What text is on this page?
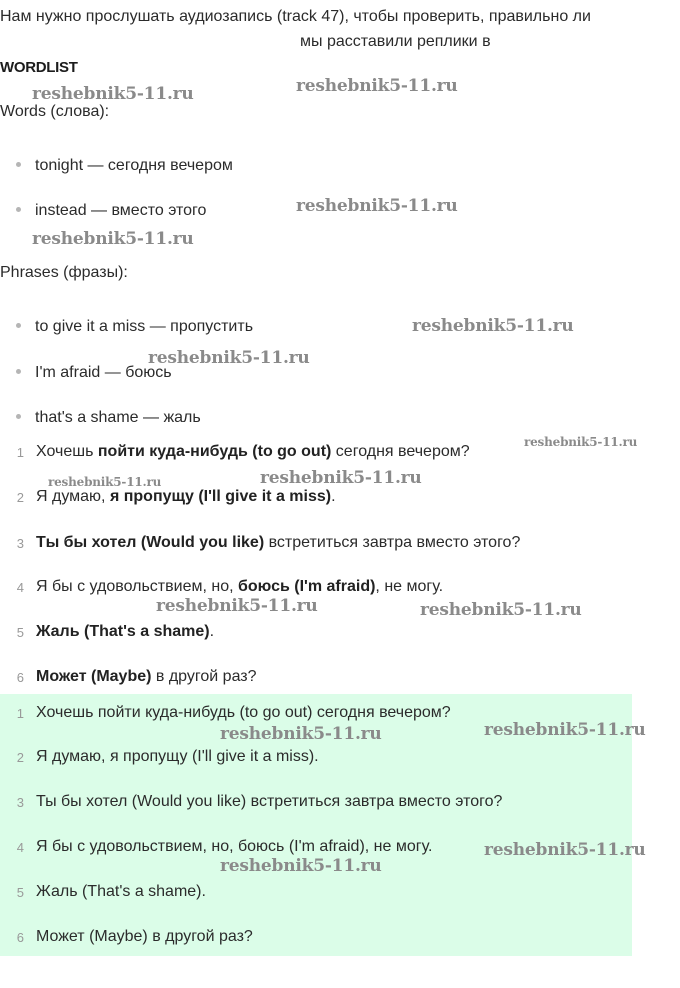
Нам нужно прослушать аудиозапись (track 47), чтобы проверить, правильно ли
мы расставили реплики в
WORDLIST
Words (слова):
tonight — сегодня вечером
instead — вместо этого
Phrases (фразы):
to give it a miss — пропустить
I'm afraid — боюсь
that's a shame — жаль
1 Хочешь пойти куда-нибудь (to go out) сегодня вечером?
2 Я думаю, я пропущу (I'll give it a miss).
3 Ты бы хотел (Would you like) встретиться завтра вместо этого?
4 Я бы с удовольствием, но, боюсь (I'm afraid), не могу.
5 Жаль (That's a shame).
6 Может (Maybe) в другой раз?
1 Хочешь пойти куда-нибудь (to go out) сегодня вечером?
2 Я думаю, я пропущу (I'll give it a miss).
3 Ты бы хотел (Would you like) встретиться завтра вместо этого?
4 Я бы с удовольствием, но, боюсь (I'm afraid), не могу.
5 Жаль (That's a shame).
6 Может (Maybe) в другой раз?
reshebnik5-11.ru	reshebnik5-11.ru
reshebnik5-11.ru
reshebnik5-11.ru
reshebnik5-11.ru
reshebnik5-11.ru
reshebnik5-11.ru
reshebnik5-11.ru	reshebnik5-11.ru
reshebnik5-11.ru	reshebnik5-11.ru
reshebnik5-11.ru	reshebnik5-11.ru
reshebnik5-11.ru
reshebnik5-11.ru
